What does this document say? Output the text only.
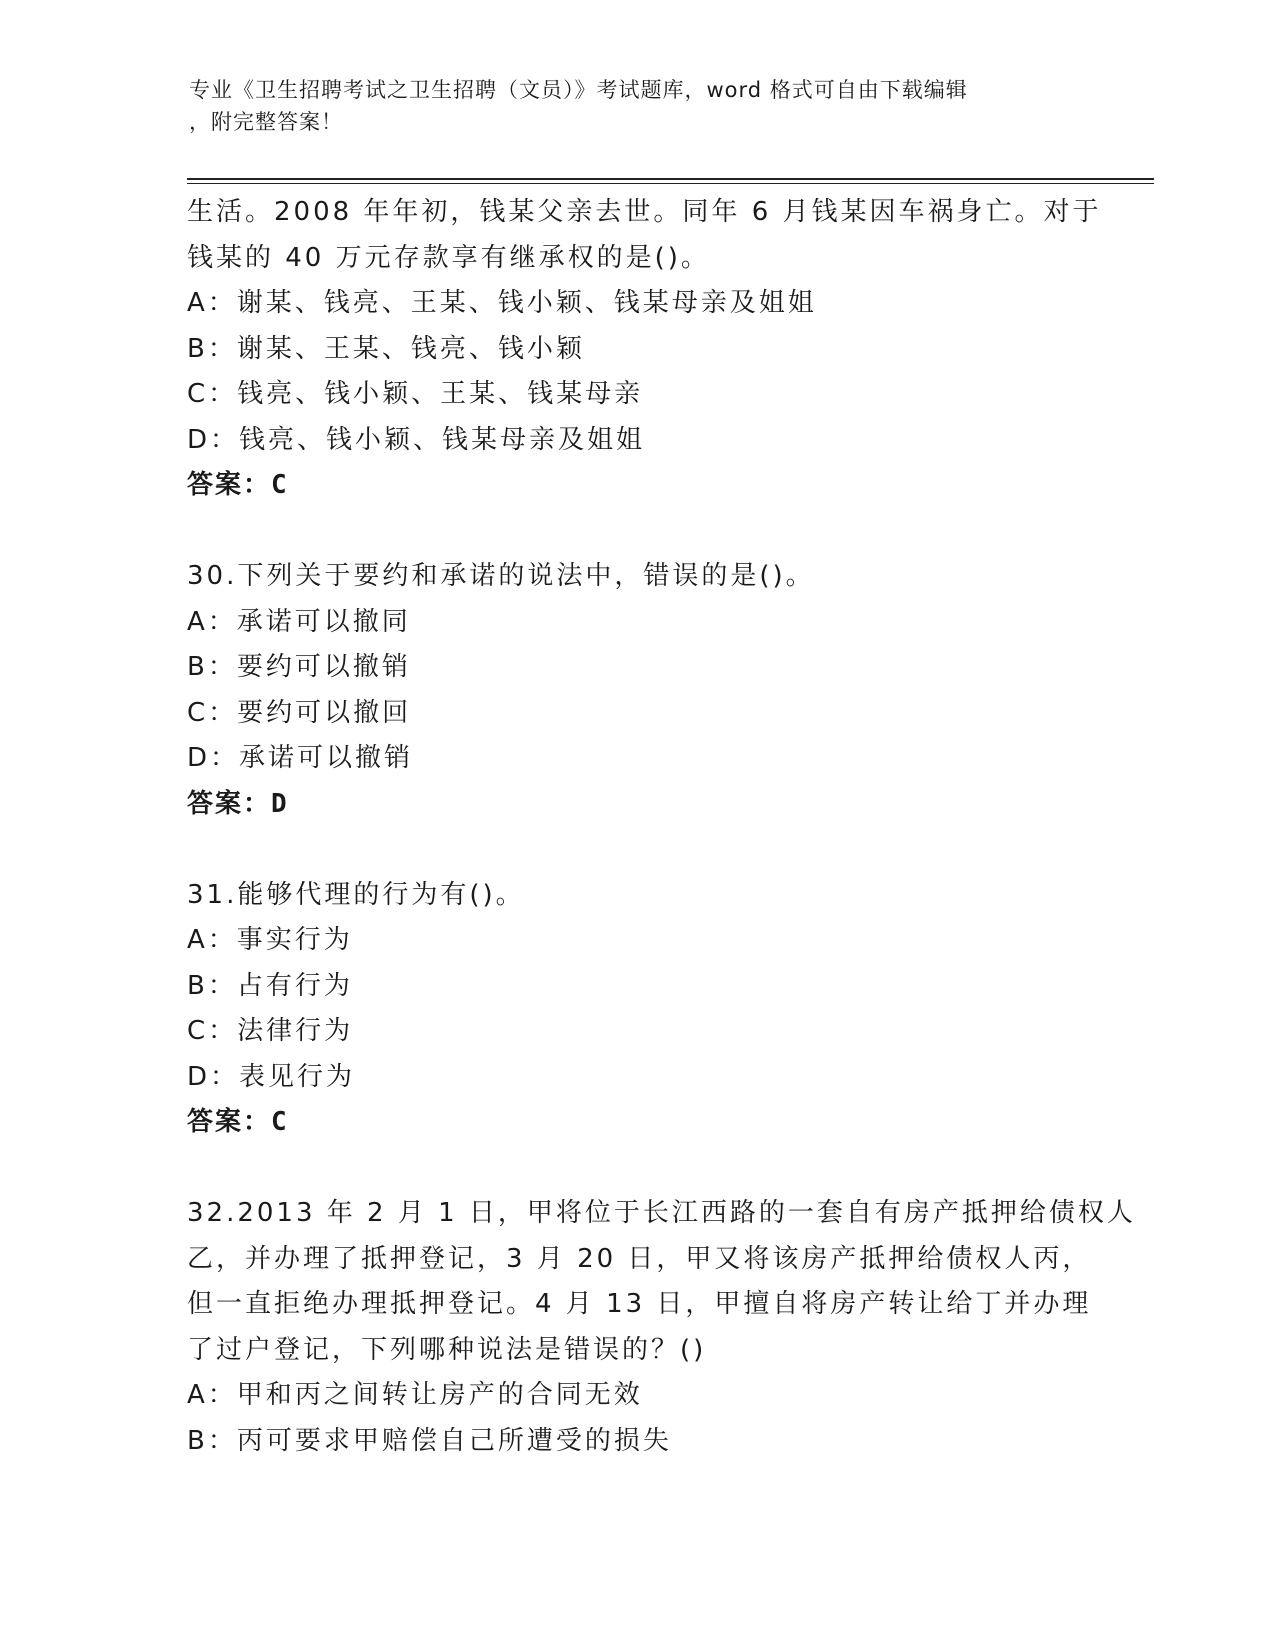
专业《卫生招聘考试之卫生招聘（文员）》考试题库，word 格式可自由下载编辑
，附完整答案！
生活。2008 年年初，钱某父亲去世。同年 6 月钱某因车祸身亡。对于
钱某的 40 万元存款享有继承权的是()。
A：谢某、钱亮、王某、钱小颖、钱某母亲及姐姐
B：谢某、王某、钱亮、钱小颖
C：钱亮、钱小颖、王某、钱某母亲
D：钱亮、钱小颖、钱某母亲及姐姐
答案：C
30.下列关于要约和承诺的说法中，错误的是()。
A：承诺可以撤同
B：要约可以撤销
C：要约可以撤回
D：承诺可以撤销
答案：D
31.能够代理的行为有()。
A：事实行为
B：占有行为
C：法律行为
D：表见行为
答案：C
32.2013 年 2 月 1 日，甲将位于长江西路的一套自有房产抵押给债权人
乙，并办理了抵押登记，3 月 20 日，甲又将该房产抵押给债权人丙，
但一直拒绝办理抵押登记。4 月 13 日，甲擅自将房产转让给丁并办理
了过户登记，下列哪种说法是错误的？()
A：甲和丙之间转让房产的合同无效
B：丙可要求甲赔偿自己所遭受的损失
